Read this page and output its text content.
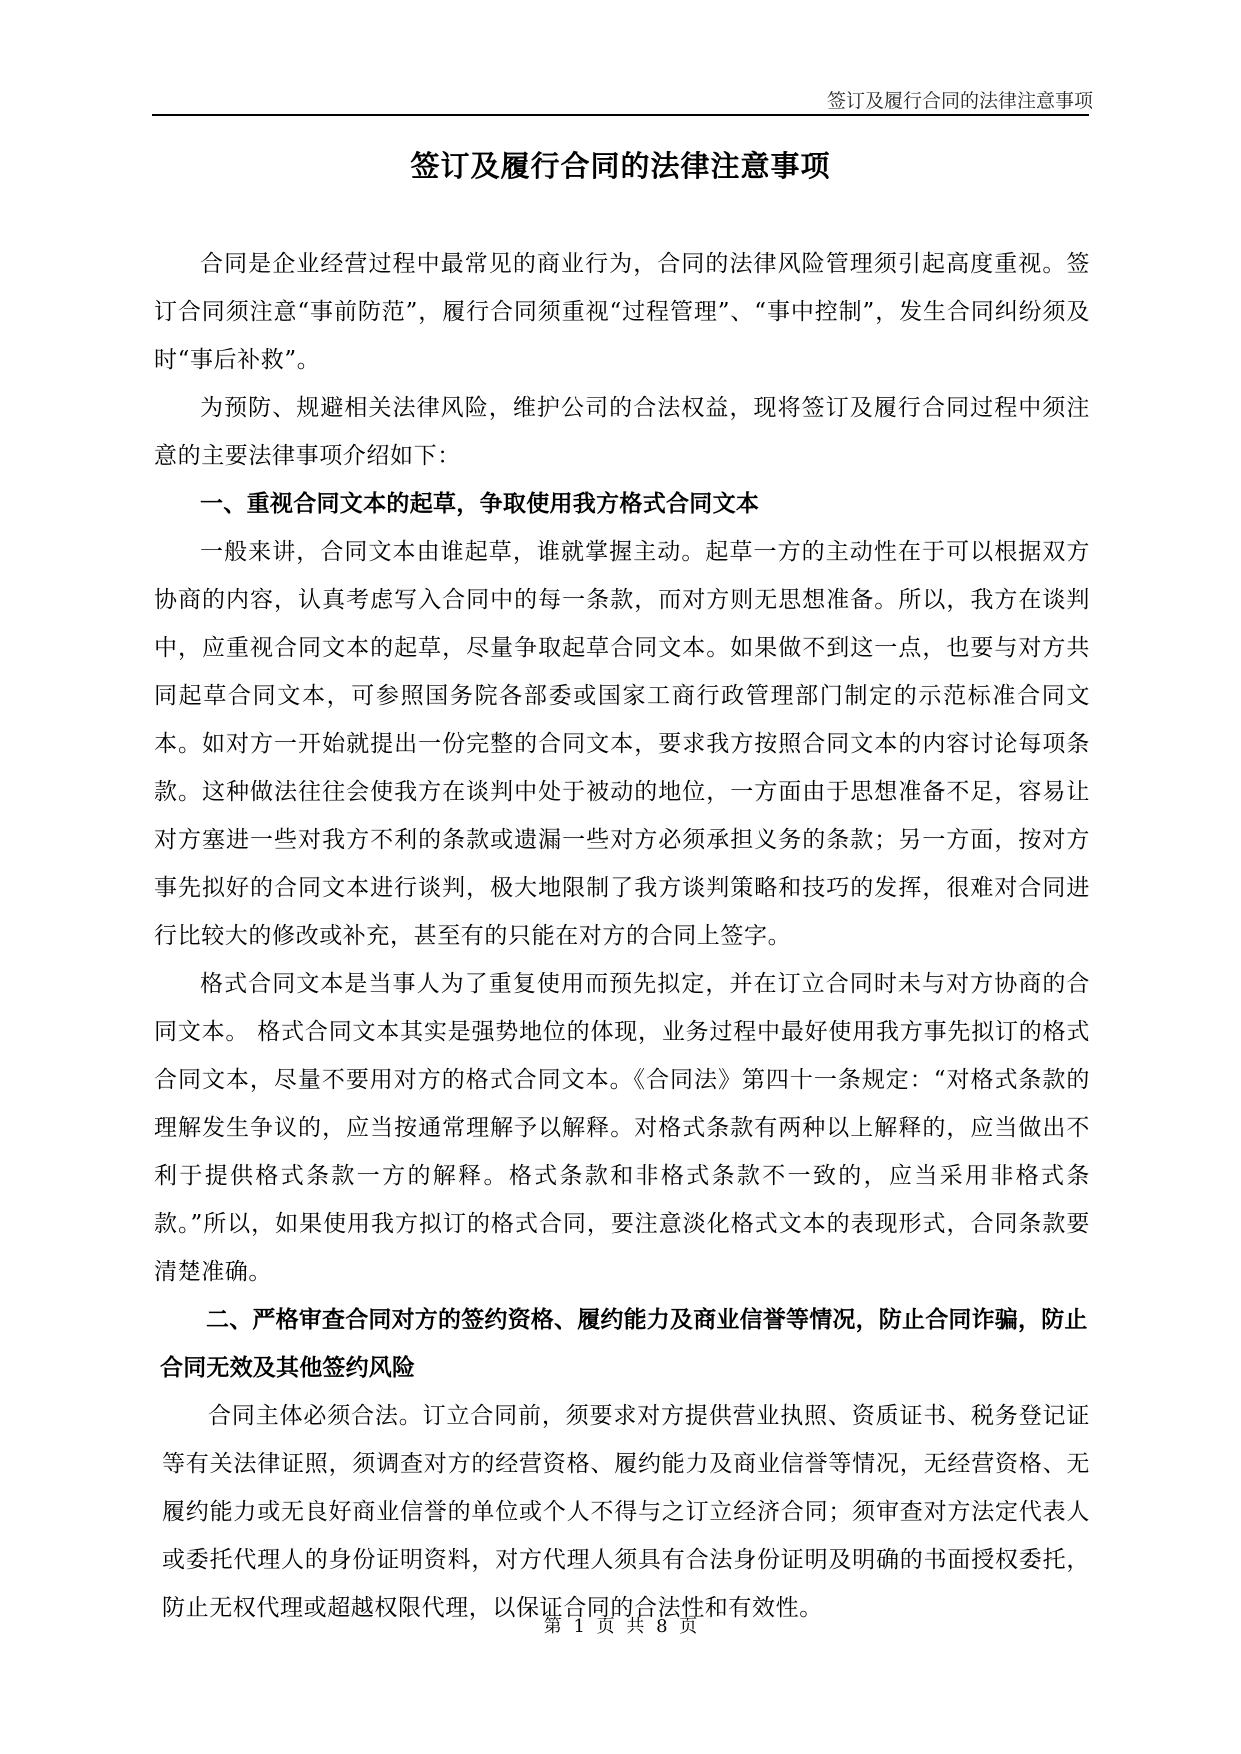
签订及履行合同的法律注意事项
签订及履行合同的法律注意事项

合同是企业经营过程中最常见的商业行为，合同的法律风险管理须引起高度重视。签订合同须注意“事前防范”，履行合同须重视“过程管理”、“事中控制”，发生合同纠纷须及时“事后补救”。

为预防、规避相关法律风险，维护公司的合法权益，现将签订及履行合同过程中须注意的主要法律事项介绍如下：

一、重视合同文本的起草，争取使用我方格式合同文本

一般来讲，合同文本由谁起草，谁就掌握主动。起草一方的主动性在于可以根据双方协商的内容，认真考虑写入合同中的每一条款，而对方则无思想准备。所以，我方在谈判中，应重视合同文本的起草，尽量争取起草合同文本。如果做不到这一点，也要与对方共同起草合同文本，可参照国务院各部委或国家工商行政管理部门制定的示范标准合同文本。如对方一开始就提出一份完整的合同文本，要求我方按照合同文本的内容讨论每项条款。这种做法往往会使我方在谈判中处于被动的地位，一方面由于思想准备不足，容易让对方塞进一些对我方不利的条款或遗漏一些对方必须承担义务的条款；另一方面，按对方事先拟好的合同文本进行谈判，极大地限制了我方谈判策略和技巧的发挥，很难对合同进行比较大的修改或补充，甚至有的只能在对方的合同上签字。

格式合同文本是当事人为了重复使用而预先拟定，并在订立合同时未与对方协商的合同文本。 格式合同文本其实是强势地位的体现，业务过程中最好使用我方事先拟订的格式合同文本，尽量不要用对方的格式合同文本。《合同法》第四十一条规定：“对格式条款的理解发生争议的，应当按通常理解予以解释。对格式条款有两种以上解释的，应当做出不利于提供格式条款一方的解释。格式条款和非格式条款不一致的，应当采用非格式条款。”所以，如果使用我方拟订的格式合同，要注意淡化格式文本的表现形式，合同条款要清楚准确。

二、严格审查合同对方的签约资格、履约能力及商业信誉等情况，防止合同诈骗，防止合同无效及其他签约风险

合同主体必须合法。订立合同前，须要求对方提供营业执照、资质证书、税务登记证等有关法律证照，须调查对方的经营资格、履约能力及商业信誉等情况，无经营资格、无履约能力或无良好商业信誉的单位或个人不得与之订立经济合同；须审查对方法定代表人或委托代理人的身份证明资料，对方代理人须具有合法身份证明及明确的书面授权委托，防止无权代理或超越权限代理，以保证合同的合法性和有效性。

第 1 页 共 8 页
